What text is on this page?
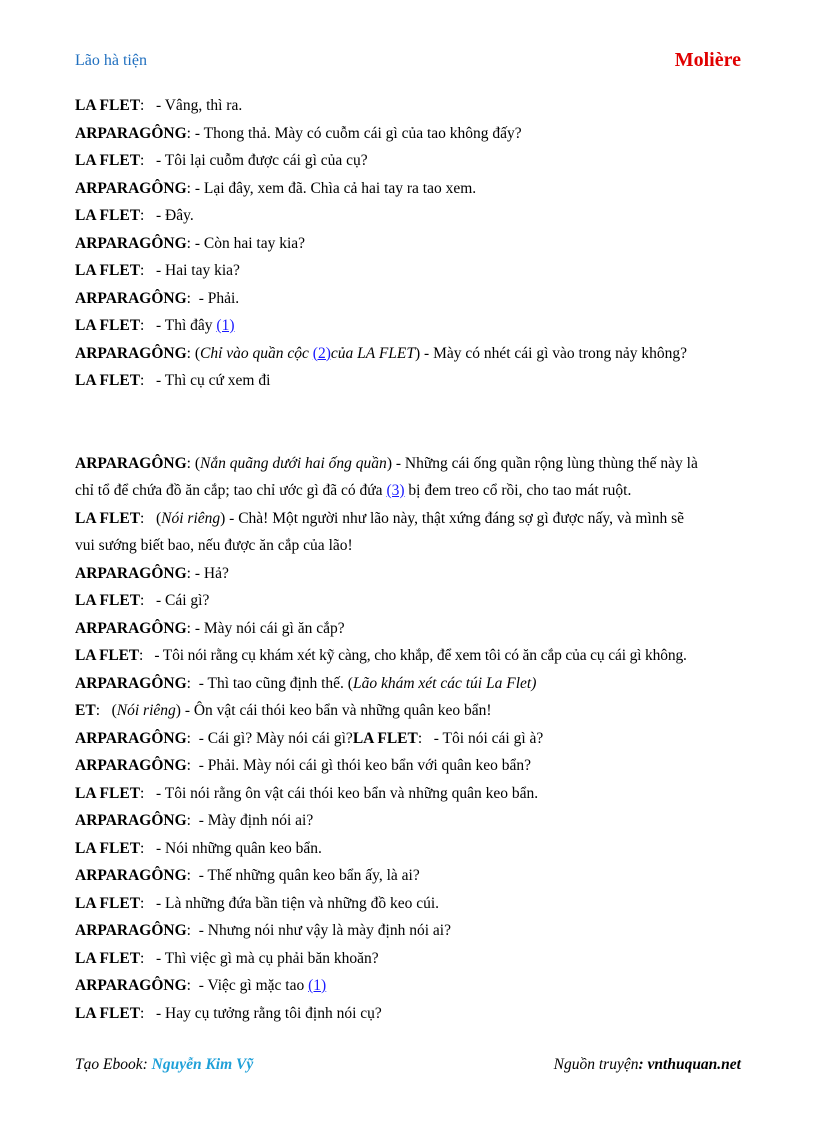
Lão hà tiện	Molière

LA FLET:   - Vâng, thì ra.

ARPARAGÔNG: - Thong thả. Mày có cuỗm cái gì của tao không đấy?

LA FLET:   - Tôi lại cuỗm được cái gì của cụ?

ARPARAGÔNG: - Lại đây, xem đã. Chìa cả hai tay ra tao xem.

LA FLET:   - Đây.

ARPARAGÔNG: - Còn hai tay kia?

LA FLET:   - Hai tay kia?

ARPARAGÔNG:  - Phải.

LA FLET:   - Thì đây (1)

ARPARAGÔNG: (Chỉ vào quần cộc (2)của LA FLET) - Mày có nhét cái gì vào trong nảy không?

LA FLET:   - Thì cụ cứ xem đi

ARPARAGÔNG: (Nắn quãng dưới hai ống quần) - Những cái ống quần rộng lùng thùng thế này là

chỉ tổ để chứa đồ ăn cắp; tao chỉ ước gì đã có đứa (3) bị đem treo cổ rồi, cho tao mát ruột.

LA FLET:   (Nói riêng) - Chà! Một người như lão này, thật xứng đáng sợ gì được nấy, và mình sẽ

vui sướng biết bao, nếu được ăn cắp của lão!

ARPARAGÔNG: - Hả?

LA FLET:   - Cái gì?

ARPARAGÔNG: - Mày nói cái gì ăn cắp?

LA FLET:   - Tôi nói rằng cụ khám xét kỹ càng, cho khắp, để xem tôi có ăn cắp của cụ cái gì không.

ARPARAGÔNG:  - Thì tao cũng định thế. (Lão khám xét các túi La Flet)

ET:   (Nói riêng) - Ôn vật cái thói keo bẩn và những quân keo bẩn!

ARPARAGÔNG:  - Cái gì? Mày nói cái gì?LA FLET:   - Tôi nói cái gì à?

ARPARAGÔNG:  - Phải. Mày nói cái gì thói keo bẩn với quân keo bẩn?

LA FLET:   - Tôi nói rằng ôn vật cái thói keo bẩn và những quân keo bẩn.

ARPARAGÔNG:  - Mày định nói ai?

LA FLET:   - Nói những quân keo bẩn.

ARPARAGÔNG:  - Thế những quân keo bẩn ấy, là ai?

LA FLET:   - Là những đứa bần tiện và những đồ keo cúi.

ARPARAGÔNG:  - Nhưng nói như vậy là mày định nói ai?

LA FLET:   - Thì việc gì mà cụ phải băn khoăn?

ARPARAGÔNG:  - Việc gì mặc tao (1)

LA FLET:   - Hay cụ tưởng rằng tôi định nói cụ?

Tạo Ebook: Nguyễn Kim Vỹ	Nguồn truyện: vnthuquan.net
